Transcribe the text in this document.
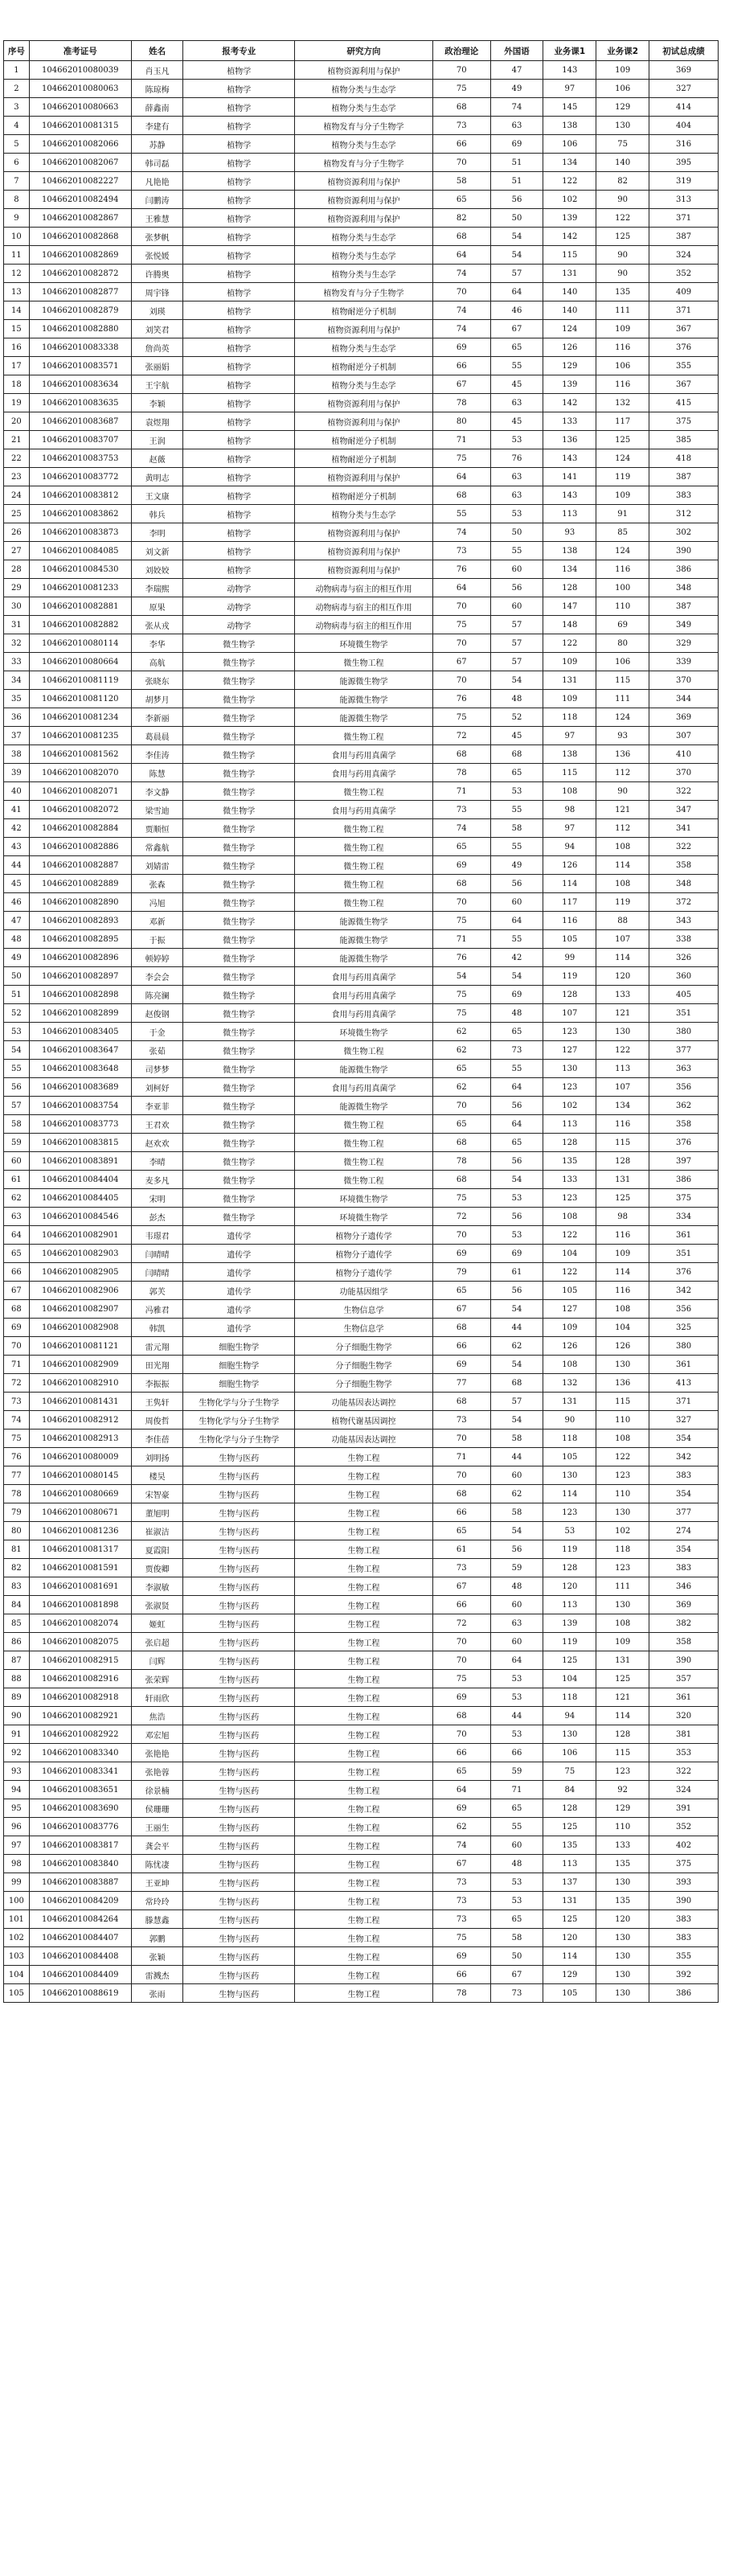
序号	准考证号	姓名	报考专业	研究方向	政治理论	外国语	业务课1	业务课2	初试总成绩
1	104662010080039	肖玉凡	植物学	植物资源利用与保护	70	47	143	109	369
2	104662010080063	陈琼梅	植物学	植物分类与生态学	75	49	97	106	327
3	104662010080663	薛鑫南	植物学	植物分类与生态学	68	74	145	129	414
4	104662010081315	李建有	植物学	植物发育与分子生物学	73	63	138	130	404
5	104662010082066	苏静	植物学	植物分类与生态学	66	69	106	75	316
6	104662010082067	韩司磊	植物学	植物发育与分子生物学	70	51	134	140	395
7	104662010082227	凡艳艳	植物学	植物资源利用与保护	58	51	122	82	319
8	104662010082494	闫鹏涛	植物学	植物资源利用与保护	65	56	102	90	313
9	104662010082867	王雅慧	植物学	植物资源利用与保护	82	50	139	122	371
10	104662010082868	张梦帆	植物学	植物分类与生态学	68	54	142	125	387
11	104662010082869	张悦媛	植物学	植物分类与生态学	64	54	115	90	324
12	104662010082872	许腾奥	植物学	植物分类与生态学	74	57	131	90	352
13	104662010082877	周宇锋	植物学	植物发育与分子生物学	70	64	140	135	409
14	104662010082879	刘瑛	植物学	植物耐逆分子机制	74	46	140	111	371
15	104662010082880	刘笑君	植物学	植物资源利用与保护	74	67	124	109	367
16	104662010083338	詹尚英	植物学	植物分类与生态学	69	65	126	116	376
17	104662010083571	张丽娟	植物学	植物耐逆分子机制	66	55	129	106	355
18	104662010083634	王宇航	植物学	植物分类与生态学	67	45	139	116	367
19	104662010083635	李颖	植物学	植物资源利用与保护	78	63	142	132	415
20	104662010083687	袁煜翔	植物学	植物资源利用与保护	80	45	133	117	375
21	104662010083707	王润	植物学	植物耐逆分子机制	71	53	136	125	385
22	104662010083753	赵薇	植物学	植物耐逆分子机制	75	76	143	124	418
23	104662010083772	黄明志	植物学	植物资源利用与保护	64	63	141	119	387
24	104662010083812	王文康	植物学	植物耐逆分子机制	68	63	143	109	383
25	104662010083862	韩兵	植物学	植物分类与生态学	55	53	113	91	312
26	104662010083873	李明	植物学	植物资源利用与保护	74	50	93	85	302
27	104662010084085	刘文新	植物学	植物资源利用与保护	73	55	138	124	390
28	104662010084530	刘姣姣	植物学	植物资源利用与保护	76	60	134	116	386
29	104662010081233	李瑞熙	动物学	动物病毒与宿主的相互作用	64	56	128	100	348
30	104662010082881	原果	动物学	动物病毒与宿主的相互作用	70	60	147	110	387
31	104662010082882	张从戎	动物学	动物病毒与宿主的相互作用	75	57	148	69	349
32	104662010080114	李华	微生物学	环境微生物学	70	57	122	80	329
33	104662010080664	高航	微生物学	微生物工程	67	57	109	106	339
34	104662010081119	张晓东	微生物学	能源微生物学	70	54	131	115	370
35	104662010081120	胡梦月	微生物学	能源微生物学	76	48	109	111	344
36	104662010081234	李新丽	微生物学	能源微生物学	75	52	118	124	369
37	104662010081235	葛晨晨	微生物学	微生物工程	72	45	97	93	307
38	104662010081562	李佳涛	微生物学	食用与药用真菌学	68	68	138	136	410
39	104662010082070	陈慧	微生物学	食用与药用真菌学	78	65	115	112	370
40	104662010082071	李文静	微生物学	微生物工程	71	53	108	90	322
41	104662010082072	梁雪迪	微生物学	食用与药用真菌学	73	55	98	121	347
42	104662010082884	贾顺恒	微生物学	微生物工程	74	58	97	112	341
43	104662010082886	常鑫航	微生物学	微生物工程	65	55	94	108	322
44	104662010082887	刘婧雷	微生物学	微生物工程	69	49	126	114	358
45	104662010082889	张森	微生物学	微生物工程	68	56	114	108	348
46	104662010082890	冯旭	微生物学	微生物工程	70	60	117	119	372
47	104662010082893	邓新	微生物学	能源微生物学	75	64	116	88	343
48	104662010082895	于振	微生物学	能源微生物学	71	55	105	107	338
49	104662010082896	顿婷婷	微生物学	能源微生物学	76	42	99	114	326
50	104662010082897	李会会	微生物学	食用与药用真菌学	54	54	119	120	360
51	104662010082898	陈亮澜	微生物学	食用与药用真菌学	75	69	128	133	405
52	104662010082899	赵俊钢	微生物学	食用与药用真菌学	75	48	107	121	351
53	104662010083405	于金	微生物学	环境微生物学	62	65	123	130	380
54	104662010083647	张茹	微生物学	微生物工程	62	73	127	122	377
55	104662010083648	司梦梦	微生物学	能源微生物学	65	55	130	113	363
56	104662010083689	刘柯妤	微生物学	食用与药用真菌学	62	64	123	107	356
57	104662010083754	李亚菲	微生物学	能源微生物学	70	56	102	134	362
58	104662010083773	王君欢	微生物学	微生物工程	65	64	113	116	358
59	104662010083815	赵欢欢	微生物学	微生物工程	68	65	128	115	376
60	104662010083891	李晴	微生物学	微生物工程	78	56	135	128	397
61	104662010084404	麦多凡	微生物学	微生物工程	68	54	133	131	386
62	104662010084405	宋明	微生物学	环境微生物学	75	53	123	125	375
63	104662010084546	彭杰	微生物学	环境微生物学	72	56	108	98	334
64	104662010082901	韦璟君	遗传学	植物分子遗传学	70	53	122	116	361
65	104662010082903	闫晴晴	遗传学	植物分子遗传学	69	69	104	109	351
66	104662010082905	闫晴晴	遗传学	植物分子遗传学	79	61	122	114	376
67	104662010082906	郭芙	遗传学	功能基因组学	65	56	105	116	342
68	104662010082907	冯雅君	遗传学	生物信息学	67	54	127	108	356
69	104662010082908	韩凯	遗传学	生物信息学	68	44	109	104	325
70	104662010081121	雷元翔	细胞生物学	分子细胞生物学	66	62	126	126	380
71	104662010082909	田光翔	细胞生物学	分子细胞生物学	69	54	108	130	361
72	104662010082910	李振振	细胞生物学	分子细胞生物学	77	68	132	136	413
73	104662010081431	王隽轩	生物化学与分子生物学	功能基因表达调控	68	57	131	115	371
74	104662010082912	周俊哲	生物化学与分子生物学	植物代谢基因调控	73	54	90	110	327
75	104662010082913	李佳蓓	生物化学与分子生物学	功能基因表达调控	70	58	118	108	354
76	104662010080009	刘明扬	生物与医药	生物工程	71	44	105	122	342
77	104662010080145	楼昊	生物与医药	生物工程	70	60	130	123	383
78	104662010080669	宋智豪	生物与医药	生物工程	68	62	114	110	354
79	104662010080671	董旭明	生物与医药	生物工程	66	58	123	130	377
80	104662010081236	崔淑洁	生物与医药	生物工程	65	54	53	102	274
81	104662010081317	夏霞阳	生物与医药	生物工程	61	56	119	118	354
82	104662010081591	贾俊卿	生物与医药	生物工程	73	59	128	123	383
83	104662010081691	李淑敏	生物与医药	生物工程	67	48	120	111	346
84	104662010081898	张淑贤	生物与医药	生物工程	66	60	113	130	369
85	104662010082074	姬虹	生物与医药	生物工程	72	63	139	108	382
86	104662010082075	张启超	生物与医药	生物工程	70	60	119	109	358
87	104662010082915	闫辉	生物与医药	生物工程	70	64	125	131	390
88	104662010082916	张荣辉	生物与医药	生物工程	75	53	104	125	357
89	104662010082918	轩雨欣	生物与医药	生物工程	69	53	118	121	361
90	104662010082921	焦浩	生物与医药	生物工程	68	44	94	114	320
91	104662010082922	邓宏旭	生物与医药	生物工程	70	53	130	128	381
92	104662010083340	张艳艳	生物与医药	生物工程	66	66	106	115	353
93	104662010083341	张艳蓉	生物与医药	生物工程	65	59	75	123	322
94	104662010083651	徐景楠	生物与医药	生物工程	64	71	84	92	324
95	104662010083690	侯珊珊	生物与医药	生物工程	69	65	128	129	391
96	104662010083776	王丽生	生物与医药	生物工程	62	55	125	110	352
97	104662010083817	龚会平	生物与医药	生物工程	74	60	135	133	402
98	104662010083840	陈忧凄	生物与医药	生物工程	67	48	113	135	375
99	104662010083887	王亚坤	生物与医药	生物工程	73	53	137	130	393
100	104662010084209	常玲玲	生物与医药	生物工程	73	53	131	135	390
101	104662010084264	滕慧鑫	生物与医药	生物工程	73	65	125	120	383
102	104662010084407	郭鹏	生物与医药	生物工程	75	58	120	130	383
103	104662010084408	张颖	生物与医药	生物工程	69	50	114	130	355
104	104662010084409	雷溅杰	生物与医药	生物工程	66	67	129	130	392
105	104662010088619	张雨	生物与医药	生物工程	78	73	105	130	386
